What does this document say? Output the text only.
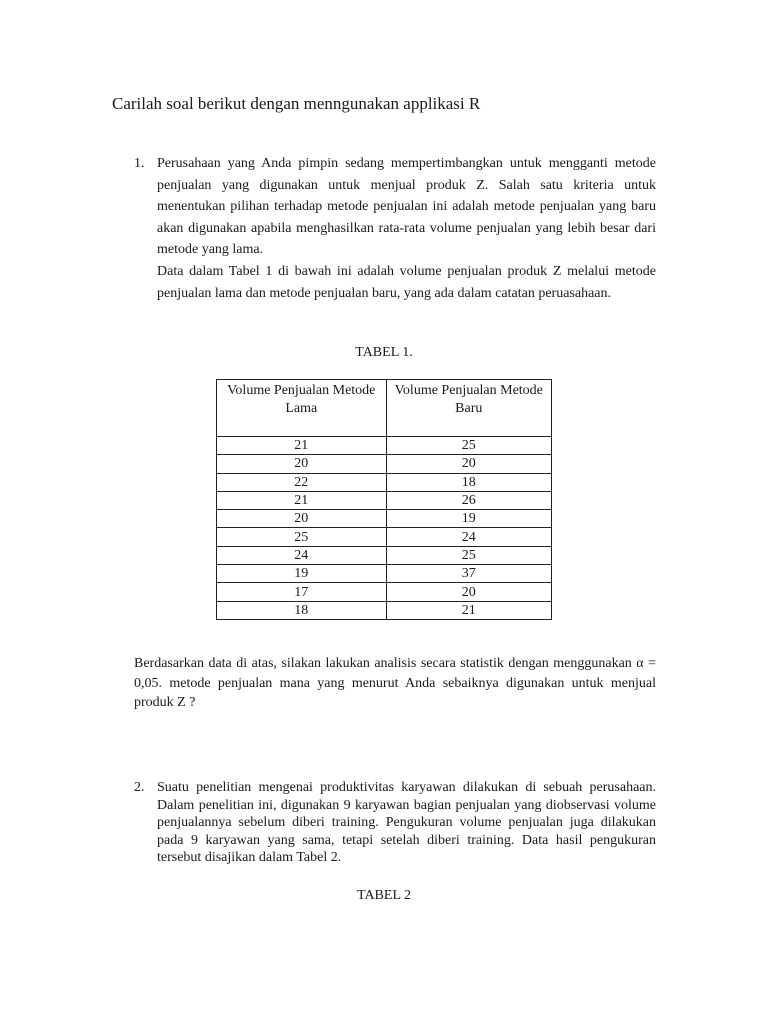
Carilah soal berikut dengan menngunakan applikasi R
1. Perusahaan yang Anda pimpin sedang mempertimbangkan untuk mengganti metode penjualan yang digunakan untuk menjual produk Z. Salah satu kriteria untuk menentukan pilihan terhadap metode penjualan ini adalah metode penjualan yang baru akan digunakan apabila menghasilkan rata-rata volume penjualan yang lebih besar dari metode yang lama.

Data dalam Tabel 1 di bawah ini adalah volume penjualan produk Z melalui metode penjualan lama dan metode penjualan baru, yang ada dalam catatan peruasahaan.

TABEL 1.
Volume Penjualan Metode Lama	Volume Penjualan Metode Baru
21	25
20	20
22	18
21	26
20	19
25	24
24	25
19	37
17	20
18	21

Berdasarkan data di atas, silakan lakukan analisis secara statistik dengan menggunakan α = 0,05. metode penjualan mana yang menurut Anda sebaiknya digunakan untuk menjual produk Z ?

2. Suatu penelitian mengenai produktivitas karyawan dilakukan di sebuah perusahaan. Dalam penelitian ini, digunakan 9 karyawan bagian penjualan yang diobservasi volume penjualannya sebelum diberi training. Pengukuran volume penjualan juga dilakukan pada 9 karyawan yang sama, tetapi setelah diberi training. Data hasil pengukuran tersebut disajikan dalam Tabel 2.

TABEL 2
